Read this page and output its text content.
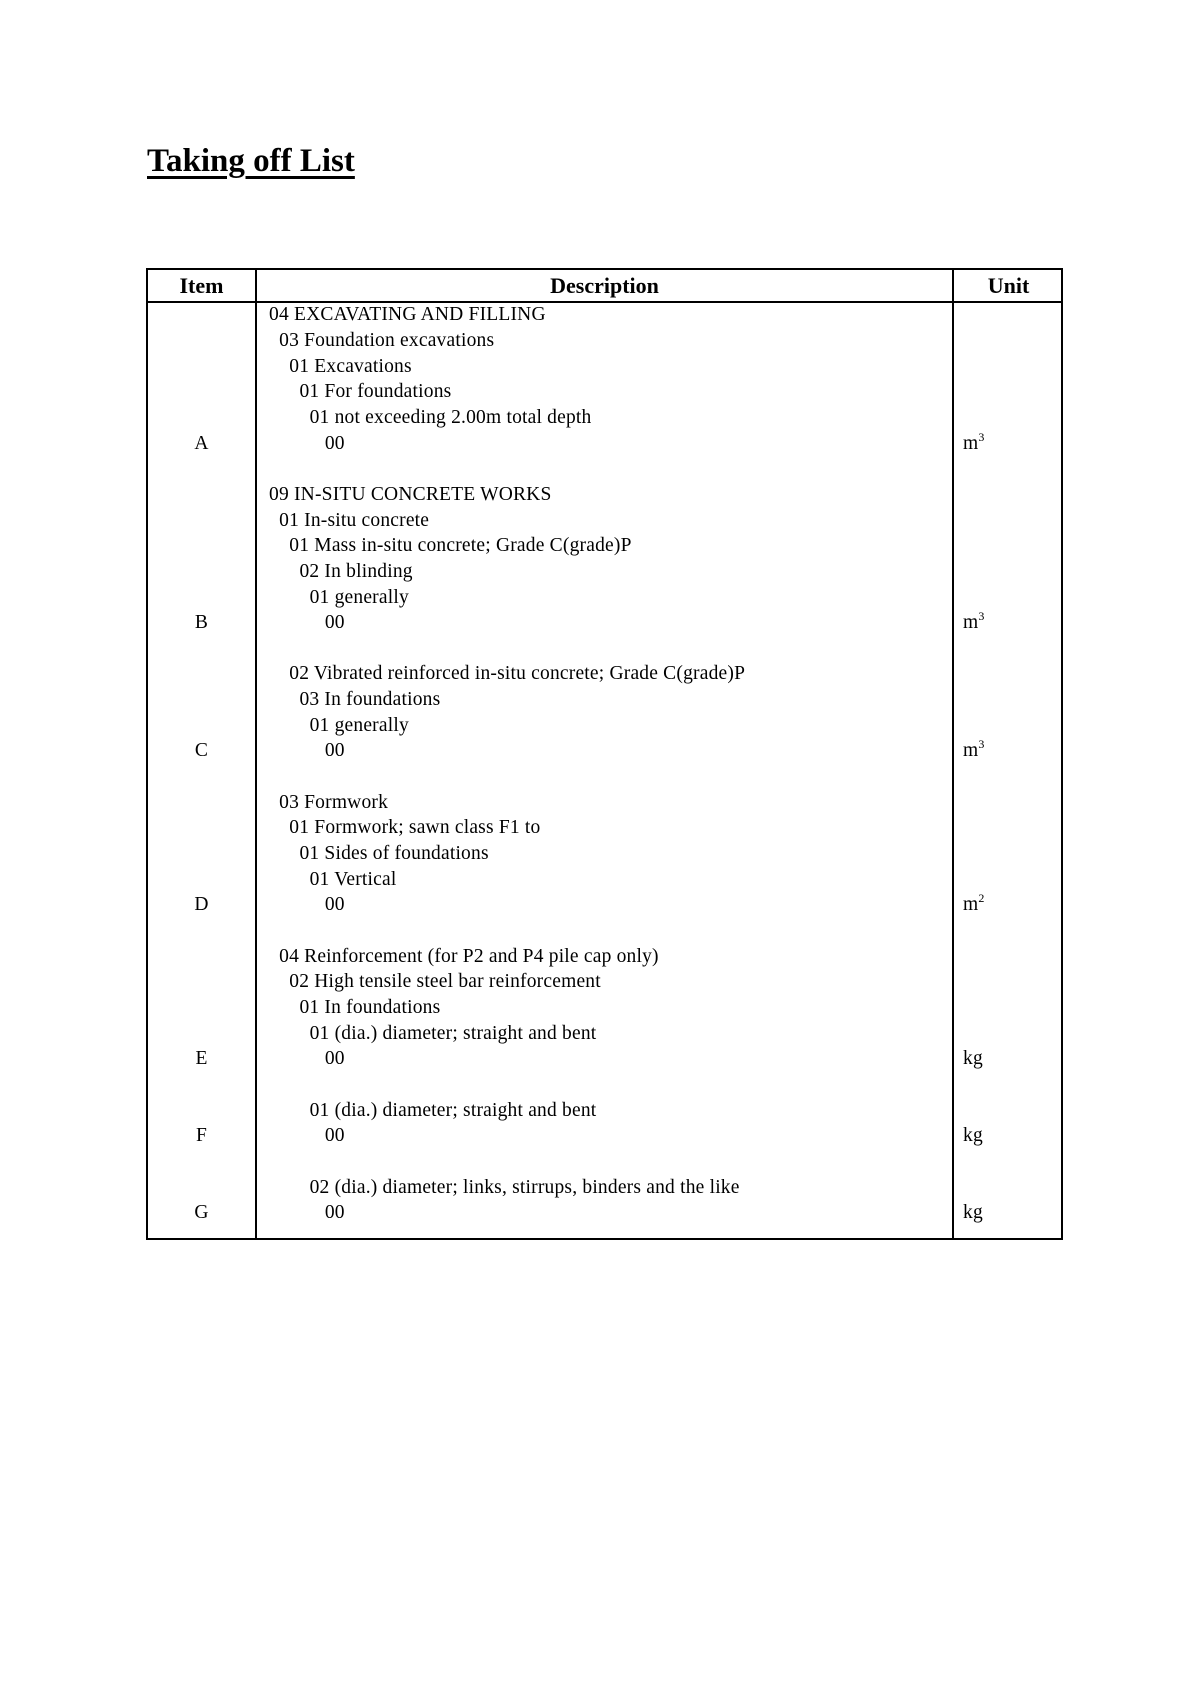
Taking off List
Item	Description	Unit
04 EXCAVATING AND FILLING
03 Foundation excavations
01 Excavations
01 For foundations
01 not exceeding 2.00m total depth
00
09 IN-SITU CONCRETE WORKS
01 In-situ concrete
01 Mass in-situ concrete; Grade C(grade)P
02 In blinding
01 generally
00
02 Vibrated reinforced in-situ concrete; Grade C(grade)P
03 In foundations
01 generally
00
03 Formwork
01 Formwork; sawn class F1 to
01 Sides of foundations
01 Vertical
00
04 Reinforcement (for P2 and P4 pile cap only)
02 High tensile steel bar reinforcement
01 In foundations
01 (dia.) diameter; straight and bent
00
01 (dia.) diameter; straight and bent
00
02 (dia.) diameter; links, stirrups, binders and the like
00
A
B
C
D
E
F
G
$m^3$
$m^3$
$m^3$
$m^2$
kg
kg
kg
